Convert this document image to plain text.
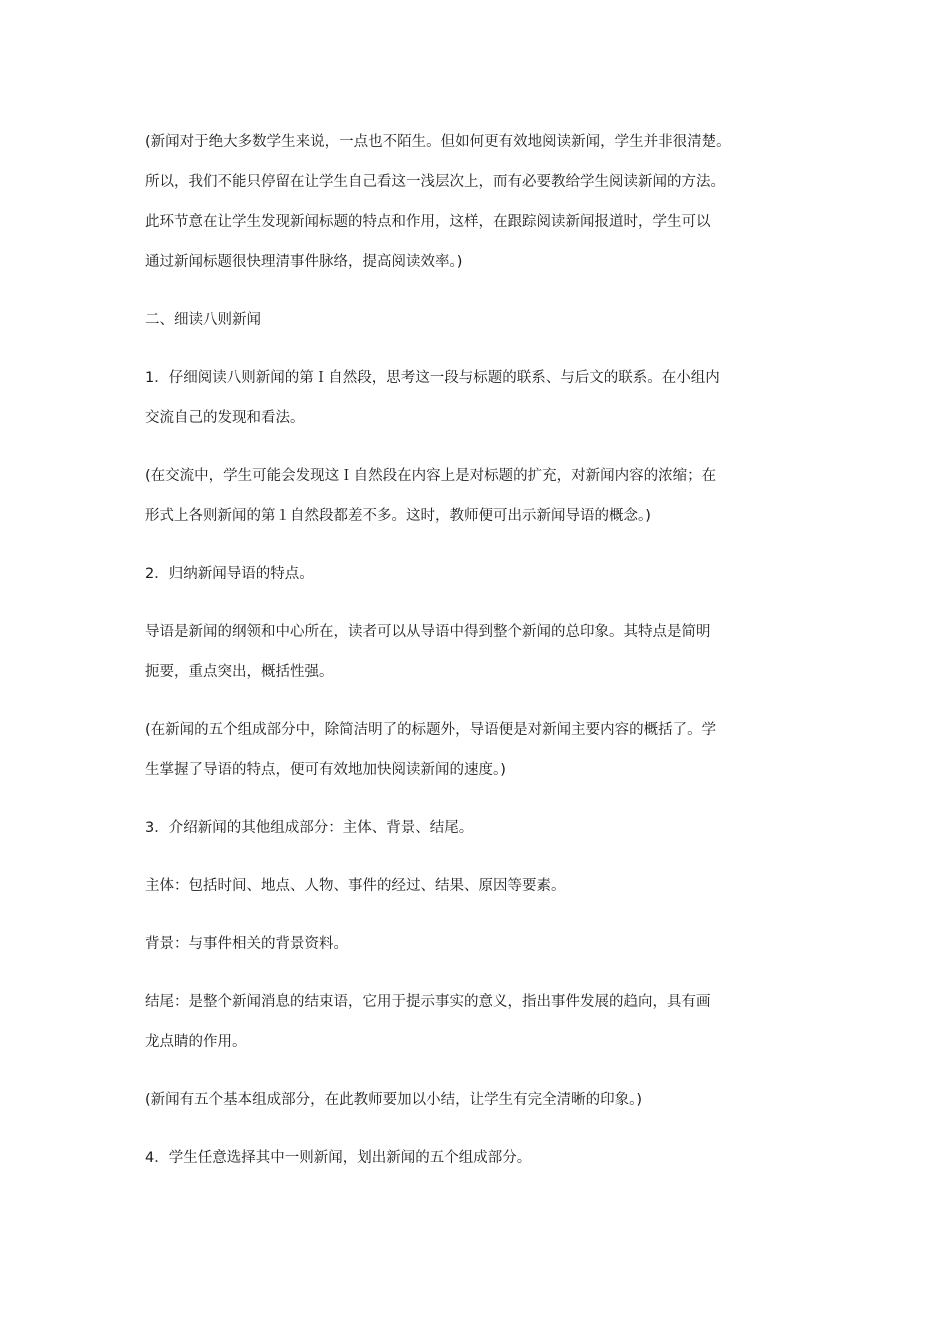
(新闻对于绝大多数学生来说，一点也不陌生。但如何更有效地阅读新闻，学生并非很清楚。
所以，我们不能只停留在让学生自己看这一浅层次上，而有必要教给学生阅读新闻的方法。
此环节意在让学生发现新闻标题的特点和作用，这样，在跟踪阅读新闻报道时，学生可以
通过新闻标题很快理清事件脉络，提高阅读效率。)
二、细读八则新闻
1．仔细阅读八则新闻的第Ｉ自然段，思考这一段与标题的联系、与后文的联系。在小组内
交流自己的发现和看法。
(在交流中，学生可能会发现这Ｉ自然段在内容上是对标题的扩充，对新闻内容的浓缩；在
形式上各则新闻的第１自然段都差不多。这时，教师便可出示新闻导语的概念。)
2．归纳新闻导语的特点。
导语是新闻的纲领和中心所在，读者可以从导语中得到整个新闻的总印象。其特点是简明
扼要，重点突出，概括性强。
(在新闻的五个组成部分中，除简洁明了的标题外，导语便是对新闻主要内容的概括了。学
生掌握了导语的特点，便可有效地加快阅读新闻的速度。)
3．介绍新闻的其他组成部分：主体、背景、结尾。
主体：包括时间、地点、人物、事件的经过、结果、原因等要素。
背景：与事件相关的背景资料。
结尾：是整个新闻消息的结束语，它用于提示事实的意义，指出事件发展的趋向，具有画
龙点睛的作用。
(新闻有五个基本组成部分，在此教师要加以小结，让学生有完全清晰的印象。)
4．学生任意选择其中一则新闻，划出新闻的五个组成部分。
